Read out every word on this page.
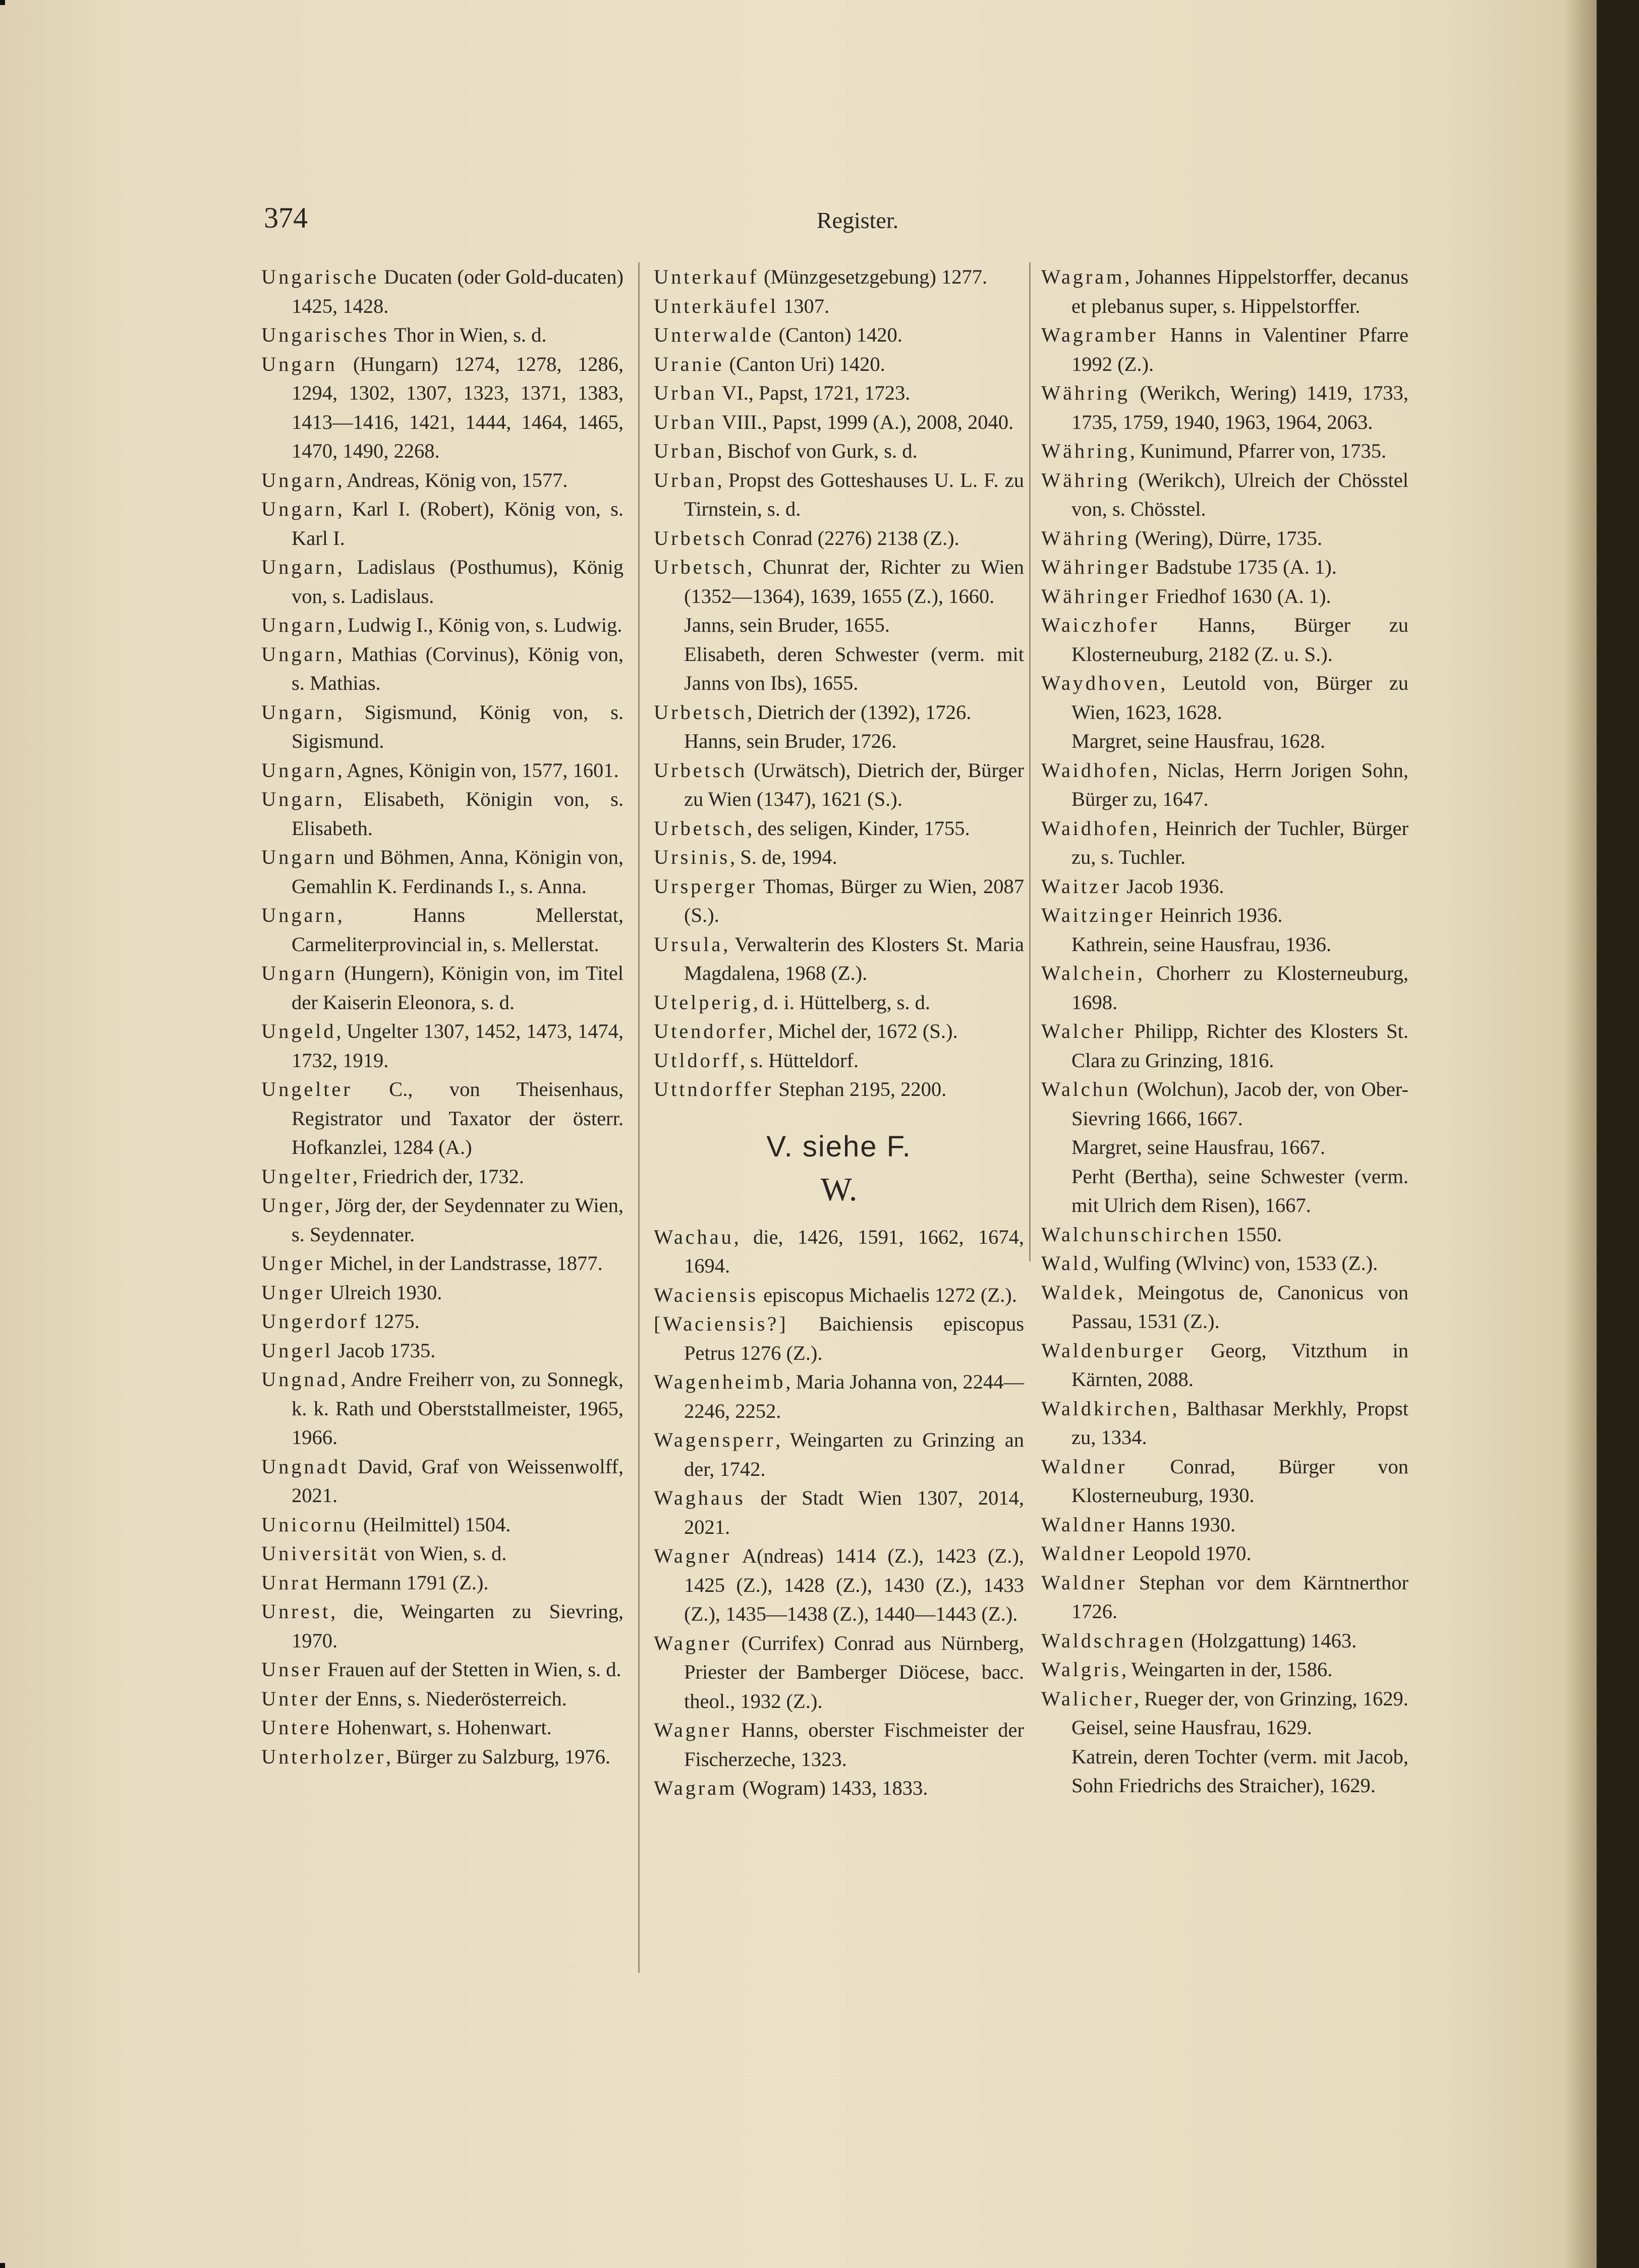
374	Register.
Ungarische Ducaten (oder Gold-ducaten) 1425, 1428.
Ungarisches Thor in Wien, s. d.
Ungarn (Hungarn) 1274, 1278, 1286, 1294, 1302, 1307, 1323, 1371, 1383, 1413—1416, 1421, 1444, 1464, 1465, 1470, 1490, 2268.
Ungarn, Andreas, König von, 1577.
Ungarn, Karl I. (Robert), König von, s. Karl I.
Ungarn, Ladislaus (Posthumus), König von, s. Ladislaus.
Ungarn, Ludwig I., König von, s. Ludwig.
Ungarn, Mathias (Corvinus), König von, s. Mathias.
Ungarn, Sigismund, König von, s. Sigismund.
Ungarn, Agnes, Königin von, 1577, 1601.
Ungarn, Elisabeth, Königin von, s. Elisabeth.
Ungarn und Böhmen, Anna, Königin von, Gemahlin K. Ferdinands I., s. Anna.
Ungarn, Hanns Mellerstat, Carmeliterprovincial in, s. Mellerstat.
Ungarn (Hungern), Königin von, im Titel der Kaiserin Eleonora, s. d.
Ungeld, Ungelter 1307, 1452, 1473, 1474, 1732, 1919.
Ungelter C., von Theisenhaus, Registrator und Taxator der österr. Hofkanzlei, 1284 (A.)
Ungelter, Friedrich der, 1732.
Unger, Jörg der, der Seydennater zu Wien, s. Seydennater.
Unger Michel, in der Landstrasse, 1877.
Unger Ulreich 1930.
Ungerdorf 1275.
Ungerl Jacob 1735.
Ungnad, Andre Freiherr von, zu Sonnegk, k. k. Rath und Oberststallmeister, 1965, 1966.
Ungnadt David, Graf von Weissenwolff, 2021.
Unicornu (Heilmittel) 1504.
Universität von Wien, s. d.
Unrat Hermann 1791 (Z.).
Unrest, die, Weingarten zu Sievring, 1970.
Unser Frauen auf der Stetten in Wien, s. d.
Unter der Enns, s. Niederösterreich.
Untere Hohenwart, s. Hohenwart.
Unterholzer, Bürger zu Salzburg, 1976.
Unterkauf (Münzgesetzgebung) 1277.
Unterkäufel 1307.
Unterwalde (Canton) 1420.
Uranie (Canton Uri) 1420.
Urban VI., Papst, 1721, 1723.
Urban VIII., Papst, 1999 (A.), 2008, 2040.
Urban, Bischof von Gurk, s. d.
Urban, Propst des Gotteshauses U. L. F. zu Tirnstein, s. d.
Urbetsch Conrad (2276) 2138 (Z.).
Urbetsch, Chunrat der, Richter zu Wien (1352—1364), 1639, 1655 (Z.), 1660.
Janns, sein Bruder, 1655.
Elisabeth, deren Schwester (verm. mit Janns von Ibs), 1655.
Urbetsch, Dietrich der (1392), 1726.
Hanns, sein Bruder, 1726.
Urbetsch (Urwätsch), Dietrich der, Bürger zu Wien (1347), 1621 (S.).
Urbetsch, des seligen, Kinder, 1755.
Ursinis, S. de, 1994.
Ursperger Thomas, Bürger zu Wien, 2087 (S.).
Ursula, Verwalterin des Klosters St. Maria Magdalena, 1968 (Z.).
Utelperig, d. i. Hüttelberg, s. d.
Utendorfer, Michel der, 1672 (S.).
Utldorff, s. Hütteldorf.
Uttndorffer Stephan 2195, 2200.
V. siehe F.
W.
Wachau, die, 1426, 1591, 1662, 1674, 1694.
Waciensis episcopus Michaelis 1272 (Z.).
[Waciensis?] Baichiensis episcopus Petrus 1276 (Z.).
Wagenheimb, Maria Johanna von, 2244—2246, 2252.
Wagensperr, Weingarten zu Grinzing an der, 1742.
Waghaus der Stadt Wien 1307, 2014, 2021.
Wagner A(ndreas) 1414 (Z.), 1423 (Z.), 1425 (Z.), 1428 (Z.), 1430 (Z.), 1433 (Z.), 1435—1438 (Z.), 1440—1443 (Z.).
Wagner (Currifex) Conrad aus Nürnberg, Priester der Bamberger Diöcese, bacc. theol., 1932 (Z.).
Wagner Hanns, oberster Fischmeister der Fischerzeche, 1323.
Wagram (Wogram) 1433, 1833.
Wagram, Johannes Hippelstorffer, decanus et plebanus super, s. Hippelstorffer.
Wagramber Hanns in Valentiner Pfarre 1992 (Z.).
Währing (Werikch, Wering) 1419, 1733, 1735, 1759, 1940, 1963, 1964, 2063.
Währing, Kunimund, Pfarrer von, 1735.
Währing (Werikch), Ulreich der Chösstel von, s. Chösstel.
Währing (Wering), Dürre, 1735.
Währinger Badstube 1735 (A. 1).
Währinger Friedhof 1630 (A. 1).
Waiczhofer Hanns, Bürger zu Klosterneuburg, 2182 (Z. u. S.).
Waydhoven, Leutold von, Bürger zu Wien, 1623, 1628.
Margret, seine Hausfrau, 1628.
Waidhofen, Niclas, Herrn Jorigen Sohn, Bürger zu, 1647.
Waidhofen, Heinrich der Tuchler, Bürger zu, s. Tuchler.
Waitzer Jacob 1936.
Waitzinger Heinrich 1936.
Kathrein, seine Hausfrau, 1936.
Walchein, Chorherr zu Klosterneuburg, 1698.
Walcher Philipp, Richter des Klosters St. Clara zu Grinzing, 1816.
Walchun (Wolchun), Jacob der, von Ober-Sievring 1666, 1667.
Margret, seine Hausfrau, 1667.
Perht (Bertha), seine Schwester (verm. mit Ulrich dem Risen), 1667.
Walchunschirchen 1550.
Wald, Wulfing (Wlvinc) von, 1533 (Z.).
Waldek, Meingotus de, Canonicus von Passau, 1531 (Z.).
Waldenburger Georg, Vitzthum in Kärnten, 2088.
Waldkirchen, Balthasar Merkhly, Propst zu, 1334.
Waldner Conrad, Bürger von Klosterneuburg, 1930.
Waldner Hanns 1930.
Waldner Leopold 1970.
Waldner Stephan vor dem Kärntnerthor 1726.
Waldschragen (Holzgattung) 1463.
Walgris, Weingarten in der, 1586.
Walicher, Rueger der, von Grinzing, 1629.
Geisel, seine Hausfrau, 1629.
Katrein, deren Tochter (verm. mit Jacob, Sohn Friedrichs des Straicher), 1629.
